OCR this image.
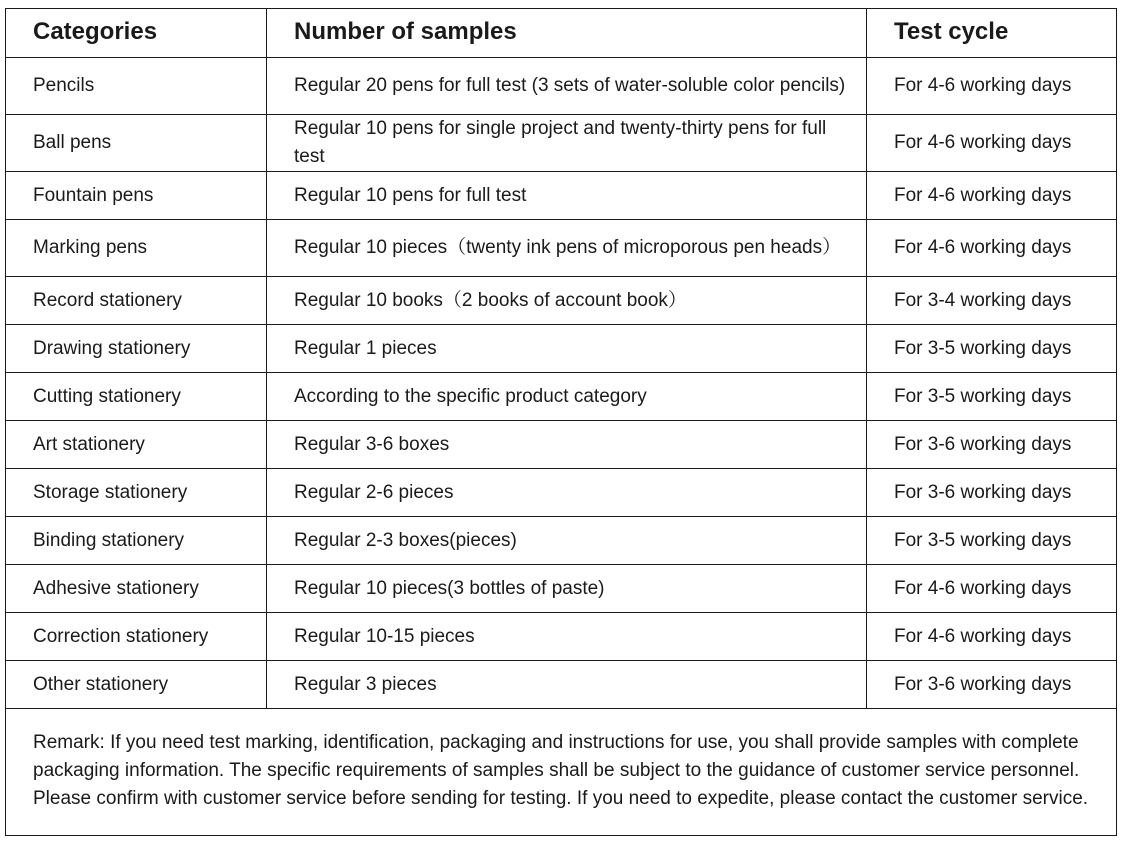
Categories	Number of samples	Test cycle
Pencils	Regular 20 pens for full test (3 sets of water-soluble color pencils)	For 4-6 working days
Ball pens	Regular 10 pens for single project and twenty-thirty pens for full test	For 4-6 working days
Fountain pens	Regular 10 pens for full test	For 4-6 working days
Marking pens	Regular 10 pieces（twenty ink pens of microporous pen heads）	For 4-6 working days
Record stationery	Regular 10 books（2 books of account book）	For 3-4 working days
Drawing stationery	Regular 1 pieces	For 3-5 working days
Cutting stationery	According to the specific product category	For 3-5 working days
Art stationery	Regular 3-6 boxes	For 3-6 working days
Storage stationery	Regular 2-6 pieces	For 3-6 working days
Binding stationery	Regular 2-3 boxes(pieces)	For 3-5 working days
Adhesive stationery	Regular 10 pieces(3 bottles of paste)	For 4-6 working days
Correction stationery	Regular 10-15 pieces	For 4-6 working days
Other stationery	Regular 3 pieces	For 3-6 working days
Remark: If you need test marking, identification, packaging and instructions for use, you shall provide samples with complete packaging information. The specific requirements of samples shall be subject to the guidance of customer service personnel. Please confirm with customer service before sending for testing. If you need to expedite, please contact the customer service.		
